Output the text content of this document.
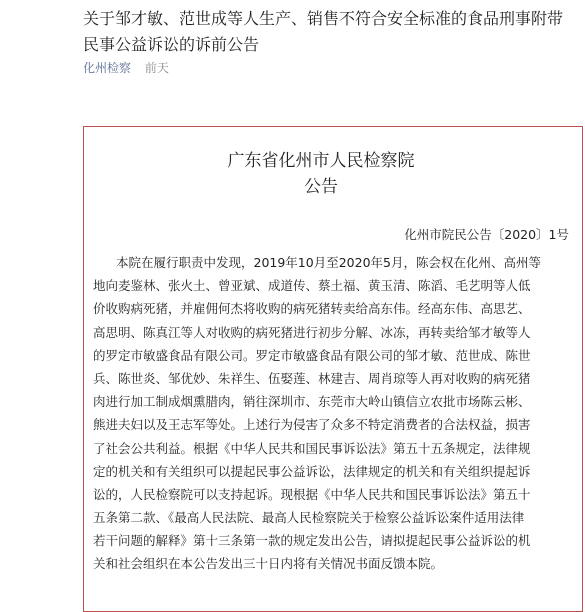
关于邹才敏、范世成等人生产、销售不符合安全标准的食品刑事附带民事公益诉讼的诉前公告
化州检察 前天
广东省化州市人民检察院
公告
化州市院民公告〔2020〕1号
本院在履行职责中发现，2019年10月至2020年5月，陈会权在化州、高州等
地向麦鉴林、张火土、曾亚斌、成道传、蔡土福、黄玉清、陈滔、毛艺明等人低
价收购病死猪，并雇佣何杰将收购的病死猪转卖给高东伟。经高东伟、高思艺、
高思明、陈真江等人对收购的病死猪进行初步分解、冰冻，再转卖给邹才敏等人
的罗定市敏盛食品有限公司。罗定市敏盛食品有限公司的邹才敏、范世成、陈世
兵、陈世炎、邹优妙、朱祥生、伍娶莲、林建吉、周肖琼等人再对收购的病死猪
肉进行加工制成烟熏腊肉，销往深圳市、东莞市大岭山镇信立农批市场陈云彬、
熊进夫妇以及王志军等处。上述行为侵害了众多不特定消费者的合法权益，损害
了社会公共利益。根据《中华人民共和国民事诉讼法》第五十五条规定，法律规
定的机关和有关组织可以提起民事公益诉讼，法律规定的机关和有关组织提起诉
讼的，人民检察院可以支持起诉。现根据《中华人民共和国民事诉讼法》第五十
五条第二款、《最高人民法院、最高人民检察院关于检察公益诉讼案件适用法律
若干问题的解释》第十三条第一款的规定发出公告，请拟提起民事公益诉讼的机
关和社会组织在本公告发出三十日内将有关情况书面反馈本院。
